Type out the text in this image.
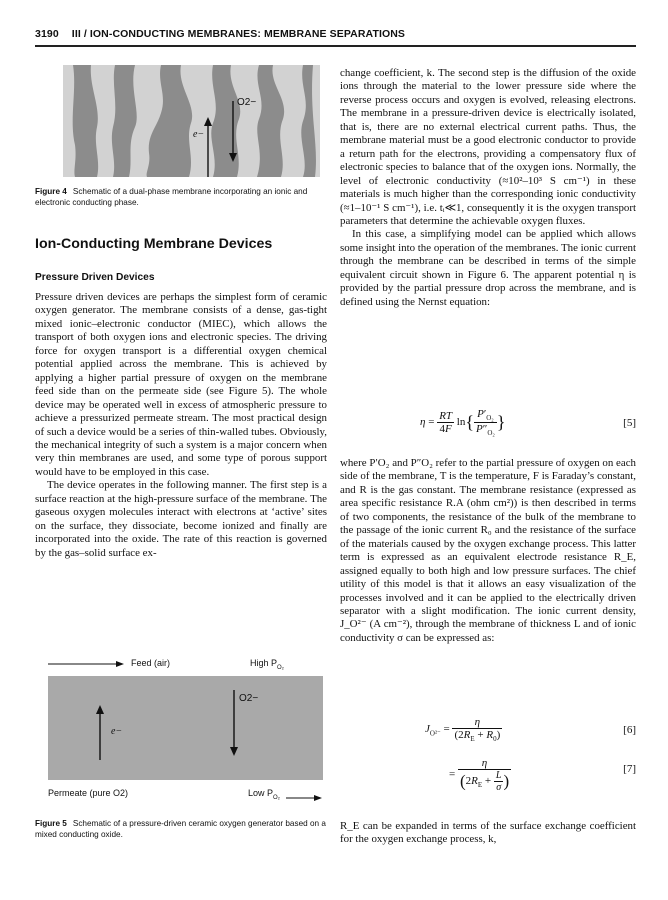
3190 III / ION-CONDUCTING MEMBRANES: MEMBRANE SEPARATIONS
O2−
e−
Figure 4 Schematic of a dual-phase membrane incorporating an ionic and electronic conducting phase.
Ion-Conducting Membrane Devices
Pressure Driven Devices

Pressure driven devices are perhaps the simplest form of ceramic oxygen generator. The membrane consists of a dense, gas-tight mixed ionic–electronic conductor (MIEC), which allows the transport of both oxygen ions and electronic species. The driving force for oxygen transport is a differential oxygen chemical potential applied across the membrane. This is achieved by applying a higher partial pressure of oxygen on the membrane feed side than on the permeate side (see Figure 5). The whole device may be operated well in excess of atmospheric pressure to achieve a pressurized permeate stream. The most practical design of such a device would be a series of thin-walled tubes. Obviously, the mechanical integrity of such a system is a major concern when very thin membranes are used, and some type of porous support would have to be employed in this case.

The device operates in the following manner. The first step is a surface reaction at the high-pressure surface of the membrane. The gaseous oxygen molecules interact with electrons at ‘active’ sites on the surface, they dissociate, become ionized and finally are incorporated into the oxide. The rate of this reaction is governed by the gas–solid surface ex-

e−
O2−
Feed (air)	High $P_{O_2}$
Permeate (pure O2)	Low $P_{O_2}$
Figure 5 Schematic of a pressure-driven ceramic oxygen generator based on a mixed conducting oxide.

change coefficient, k. The second step is the diffusion of the oxide ions through the material to the lower pressure side where the reverse process occurs and oxygen is evolved, releasing electrons. The membrane in a pressure-driven device is electrically isolated, that is, there are no external electrical current paths. Thus, the membrane material must be a good electronic conductor to provide a return path for the electrons, providing a compensatory flux of electronic species to balance that of the oxygen ions. Normally, the level of electronic conductivity (≈10²–10³ S cm⁻¹) in these materials is much higher than the corresponding ionic conductivity (≈1–10⁻¹ S cm⁻¹), i.e. tᵢ≪1, consequently it is the oxygen transport parameters that determine the achievable oxygen fluxes.

In this case, a simplifying model can be applied which allows some insight into the operation of the membranes. The ionic current through the membrane can be described in terms of the simple equivalent circuit shown in Figure 6. The apparent potential η is provided by the partial pressure drop across the membrane, and is defined using the Nernst equation:

$\eta = \frac{RT}{4F} \ln\{ \frac{P'_{O_2}}{P''_{O_2}}$ }	[5]

where P′O₂ and P″O₂ refer to the partial pressure of oxygen on each side of the membrane, T is the temperature, F is Faraday’s constant, and R is the gas constant. The membrane resistance (expressed as area specific resistance R.A (ohm cm²)) is then described in terms of two components, the resistance of the bulk of the membrane to the passage of the ionic current R₀ and the resistance of the surface of the materials caused by the oxygen exchange process. This latter term is expressed as an equivalent electrode resistance R_E, assigned equally to both high and low pressure surfaces. The chief utility of this model is that it allows an easy visualization of the processes involved and it can be applied to the electrically driven separator with a slight modification. The ionic current density, J_O²⁻ (A cm⁻²), through the membrane of thickness L and of ionic conductivity σ can be expressed as:

$J_{O^{2-}} = \frac{\eta}{(2R_E + R_0)}$	[6]
= $\frac{\eta}{(2R_E + \frac{L}{\sigma} )}$	[7]

R_E can be expanded in terms of the surface exchange coefficient for the oxygen exchange process, k,
